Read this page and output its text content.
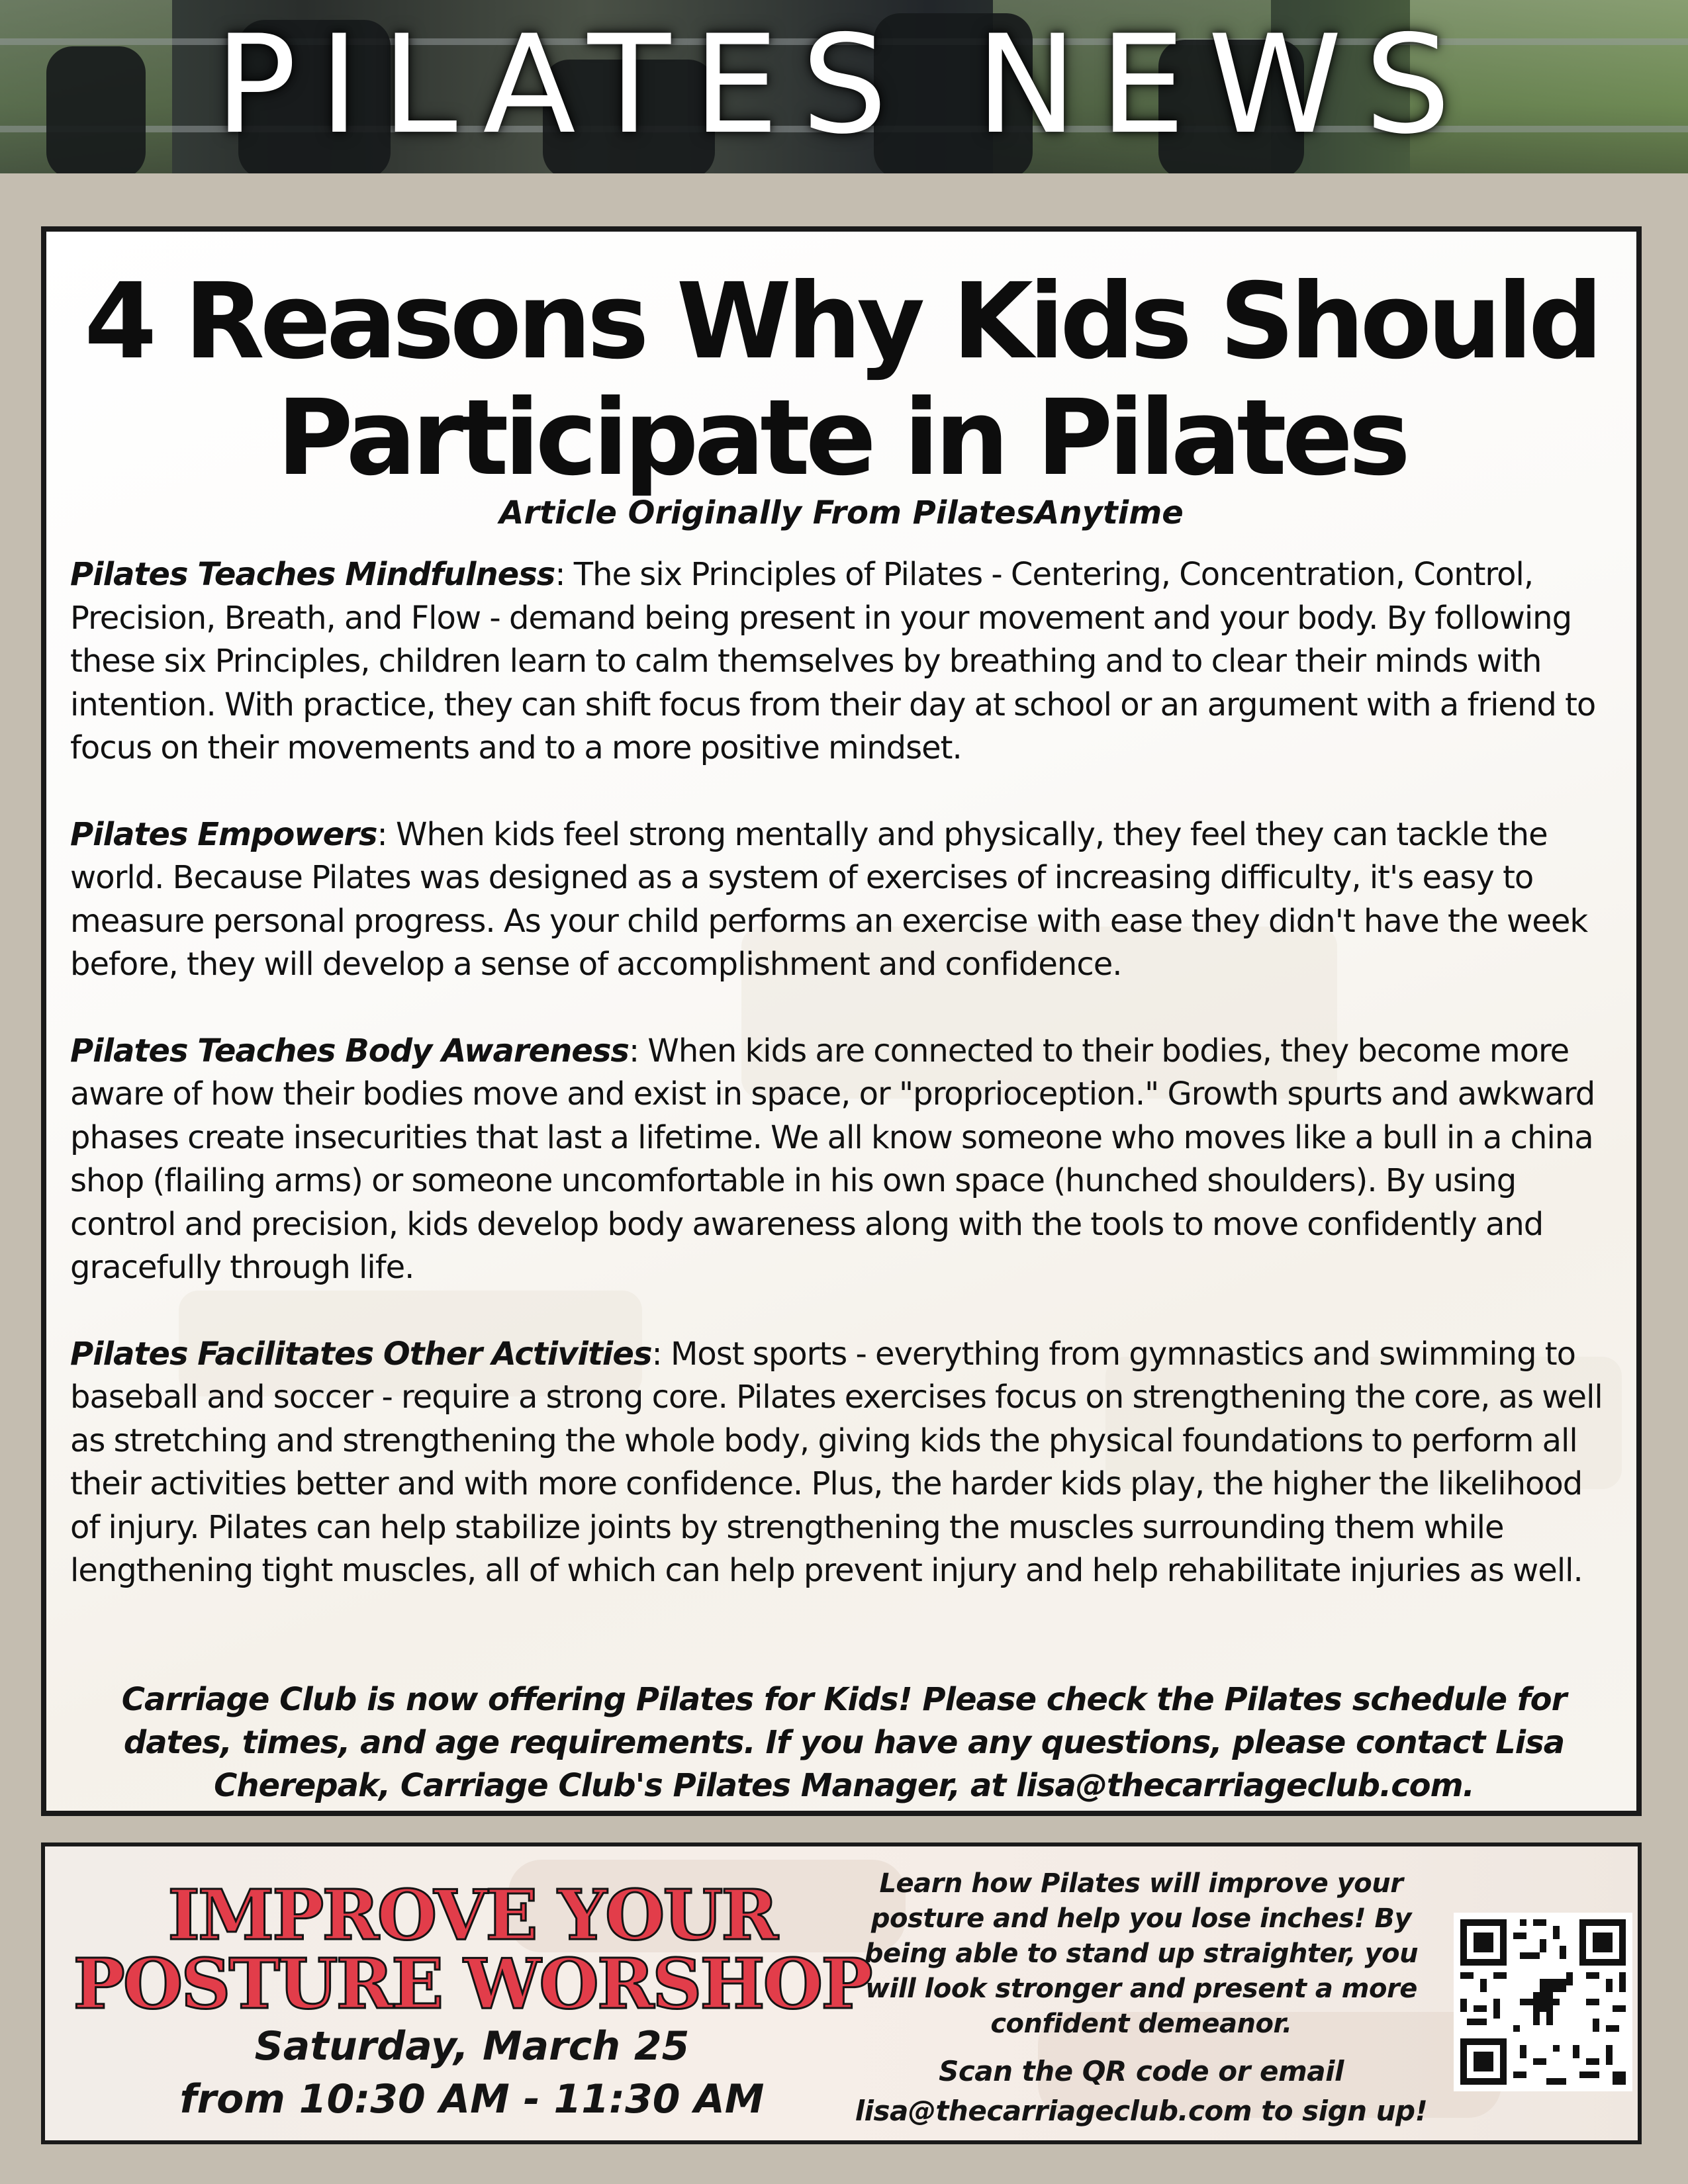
PILATES NEWS
4 Reasons Why Kids Should
Participate in Pilates
Article Originally From PilatesAnytime

Pilates Teaches Mindfulness: The six Principles of Pilates - Centering, Concentration, Control, Precision, Breath, and Flow - demand being present in your movement and your body. By following these six Principles, children learn to calm themselves by breathing and to clear their minds with intention. With practice, they can shift focus from their day at school or an argument with a friend to focus on their movements and to a more positive mindset.

Pilates Empowers: When kids feel strong mentally and physically, they feel they can tackle the world. Because Pilates was designed as a system of exercises of increasing difficulty, it's easy to measure personal progress. As your child performs an exercise with ease they didn't have the week before, they will develop a sense of accomplishment and confidence.

Pilates Teaches Body Awareness: When kids are connected to their bodies, they become more aware of how their bodies move and exist in space, or "proprioception." Growth spurts and awkward phases create insecurities that last a lifetime. We all know someone who moves like a bull in a china shop (flailing arms) or someone uncomfortable in his own space (hunched shoulders). By using control and precision, kids develop body awareness along with the tools to move confidently and gracefully through life.

Pilates Facilitates Other Activities: Most sports - everything from gymnastics and swimming to baseball and soccer - require a strong core. Pilates exercises focus on strengthening the core, as well as stretching and strengthening the whole body, giving kids the physical foundations to perform all their activities better and with more confidence. Plus, the harder kids play, the higher the likelihood of injury. Pilates can help stabilize joints by strengthening the muscles surrounding them while lengthening tight muscles, all of which can help prevent injury and help rehabilitate injuries as well.

Carriage Club is now offering Pilates for Kids! Please check the Pilates schedule for dates, times, and age requirements. If you have any questions, please contact Lisa Cherepak, Carriage Club's Pilates Manager, at lisa@thecarriageclub.com.
IMPROVE YOUR
POSTURE WORSHOP
Saturday, March 25
from 10:30 AM - 11:30 AM
Learn how Pilates will improve your posture and help you lose inches! By being able to stand up straighter, you will look stronger and present a more confident demeanor.
Scan the QR code or email
lisa@thecarriageclub.com to sign up!
